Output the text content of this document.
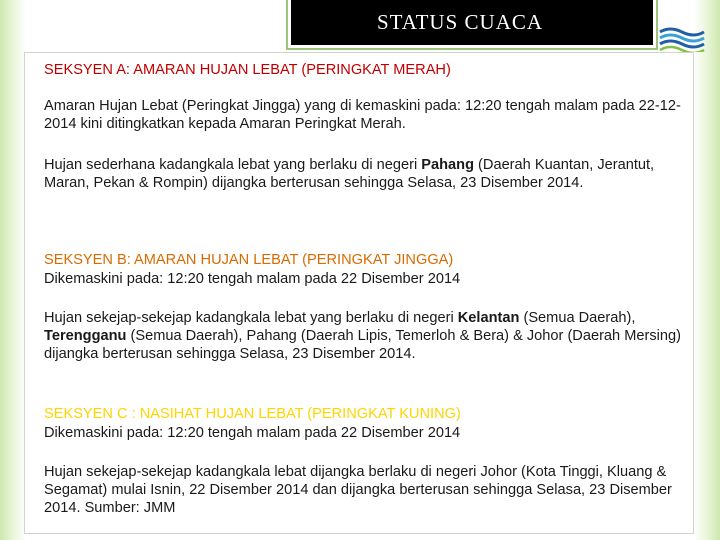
STATUS CUACA
SEKSYEN A: AMARAN HUJAN LEBAT (PERINGKAT MERAH)
Amaran Hujan Lebat (Peringkat Jingga) yang di kemaskini pada: 12:20 tengah malam pada 22-12-2014 kini ditingkatkan kepada Amaran Peringkat Merah.
Hujan sederhana kadangkala lebat yang berlaku di negeri Pahang (Daerah Kuantan, Jerantut, Maran, Pekan & Rompin) dijangka berterusan sehingga Selasa, 23 Disember 2014.
SEKSYEN B: AMARAN HUJAN LEBAT (PERINGKAT JINGGA)
Dikemaskini pada: 12:20 tengah malam pada 22 Disember 2014
Hujan sekejap-sekejap kadangkala lebat yang berlaku di negeri Kelantan (Semua Daerah), Terengganu (Semua Daerah), Pahang (Daerah Lipis, Temerloh & Bera) & Johor (Daerah Mersing) dijangka berterusan sehingga Selasa, 23 Disember 2014.
SEKSYEN C : NASIHAT HUJAN LEBAT (PERINGKAT KUNING)
Dikemaskini pada: 12:20 tengah malam pada 22 Disember 2014
Hujan sekejap-sekejap kadangkala lebat dijangka berlaku di negeri Johor (Kota Tinggi, Kluang & Segamat) mulai Isnin, 22 Disember 2014 dan dijangka berterusan sehingga Selasa, 23 Disember 2014. Sumber: JMM
